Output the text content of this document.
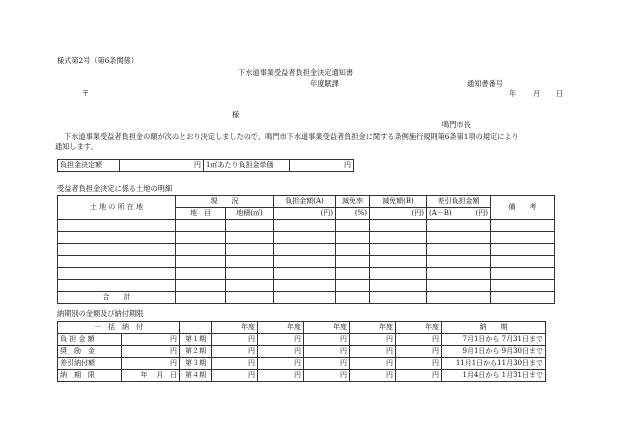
様式第2号（第6条関係）
下水道事業受益者負担金決定通知書
年度賦課	通知書番号
〒	年 月 日
様
鳴門市長
下水道事業受益者負担金の額が次のとおり決定しましたので、鳴門市下水道事業受益者負担金に関する条例施行規則第6条第1項の規定により
通知します。
負担金決定額	円	1㎡あたり負担金単価	円
受益者負担金決定に係る土地の明細
土 地 の 所 在 地	現　　況		負担金額(A)	減免率	減免額(B)	差引負担金額	備　　考
	地　目	地積(㎡)	(円)	(%)	(円)	(A－B) (円)	

合　　計							
納期別の金額及び納付期限
一　括　納　付			年度	年度	年度	年度	年度	納　　期
負 担 金 額	円	第１期	円	円	円	円	円	7月1日から 7月31日まで
奨　励　金	円	第２期	円	円	円	円	円	9月1日から 9月30日まで
差引納付額	円	第３期	円	円	円	円	円	11月1日から11月30日まで
納　期　限	年 月 日	第４期	円	円	円	円	円	1月4日から 1月31日まで
